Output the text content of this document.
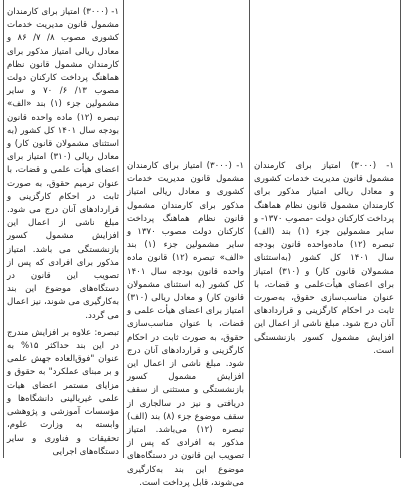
۱- (۳۰۰۰) امتیاز برای کارمندان مشمول قانون مدیریت خدمات کشوری مصوب ۸/ ۷/ ۸۶ و معادل ریالی امتیاز مذکور برای کارمندان مشمول قانون نظام هماهنگ پرداخت کارکنان دولت مصوب ۱۳/ ۶/ ۷۰ و سایر مشمولین جزء (۱) بند «الف» تبصره (۱۲) ماده واحده قانون بودجه سال ۱۴۰۱ کل کشور (به استثنای مشمولان قانون کار) و معادل ریالی (۳۱۰) امتیاز برای اعضای هیأت علمی و قضات، با عنوان ترمیم حقوق، به صورت ثابت در احکام کارگزینی و قراردادهای آنان درج می شود. مبلغ ناشی از اعمال این افزایش مشمول کسور بازنشستگی می باشد. امتیاز مذکور برای افرادی که پس از تصویب این قانون در دستگاه‌های موضوع این بند به‌کارگیری می شوند، نیز اعمال می گردد.

تبصره: علاوه بر افزایش مندرج در این بند حداکثر ۱۵% به عنوان "فوق‌العاده جهش علمی و بر مبنای عملکرد" به حقوق و مزایای مستمر اعضای هیات علمی غیربالینی دانشگاه‌ها و مؤسسات آموزشی و پژوهشی وابسته به وزارت علوم، تحقیقات و فناوری و سایر دستگاه‌های اجرایی

۱- (۳۰۰۰) امتیاز برای کارمندان مشمول قانون مدیریت خدمات کشوری و معادل ریالی امتیاز مذکور برای کارمندان مشمول قانون نظام هماهنگ پرداخت کارکنان دولت مصوب ۱۳۷۰ و سایر مشمولین جزء (۱) بند «الف» تبصره (۱۲) قانون ماده واحده قانون بودجه سال ۱۴۰۱ کل کشور (به استثنای مشمولان قانون کار) و معادل ریالی (۳۱۰) امتیاز برای اعضای هیأت علمی و قضات، با عنوان مناسب‌سازی حقوق، به صورت ثابت در احکام کارگزینی و قراردادهای آنان درج شود. مبلغ ناشی از اعمال این افزایش مشمول کسور بازنشستگی و مستثنی از سقف دریافتی و نیز در سالجاری از سقف موضوع جزء (۸) بند (الف) تبصره (۱۲) می‌باشد. امتیاز مذکور به افرادی که پس از تصویب این قانون در دستگاه‌های موضوع این بند به‌کارگیری می‌شوند، قابل پرداخت است.

۱- (۳۰۰۰) امتیاز برای کارمندان مشمول قانون مدیریت خدمات کشوری و معادل ریالی امتیاز مذکور برای کارمندان مشمول قانون نظام هماهنگ پرداخت کارکنان دولت -مصوب ۱۳۷۰- و سایر مشمولین جزء (۱) بند (الف) تبصره (۱۲) ماده‌واحده قانون بودجه سال ۱۴۰۱ کل کشور (به‌استثنای مشمولان قانون کار) و (۳۱۰) امتیاز برای اعضای هیأت‌علمی و قضات، با عنوان مناسب‌سازی حقوق، به‌صورت ثابت در احکام کارگزینی و قراردادهای آنان درج شود. مبلغ ناشی از اعمال این افزایش مشمول کسور بازنشستگی است.
